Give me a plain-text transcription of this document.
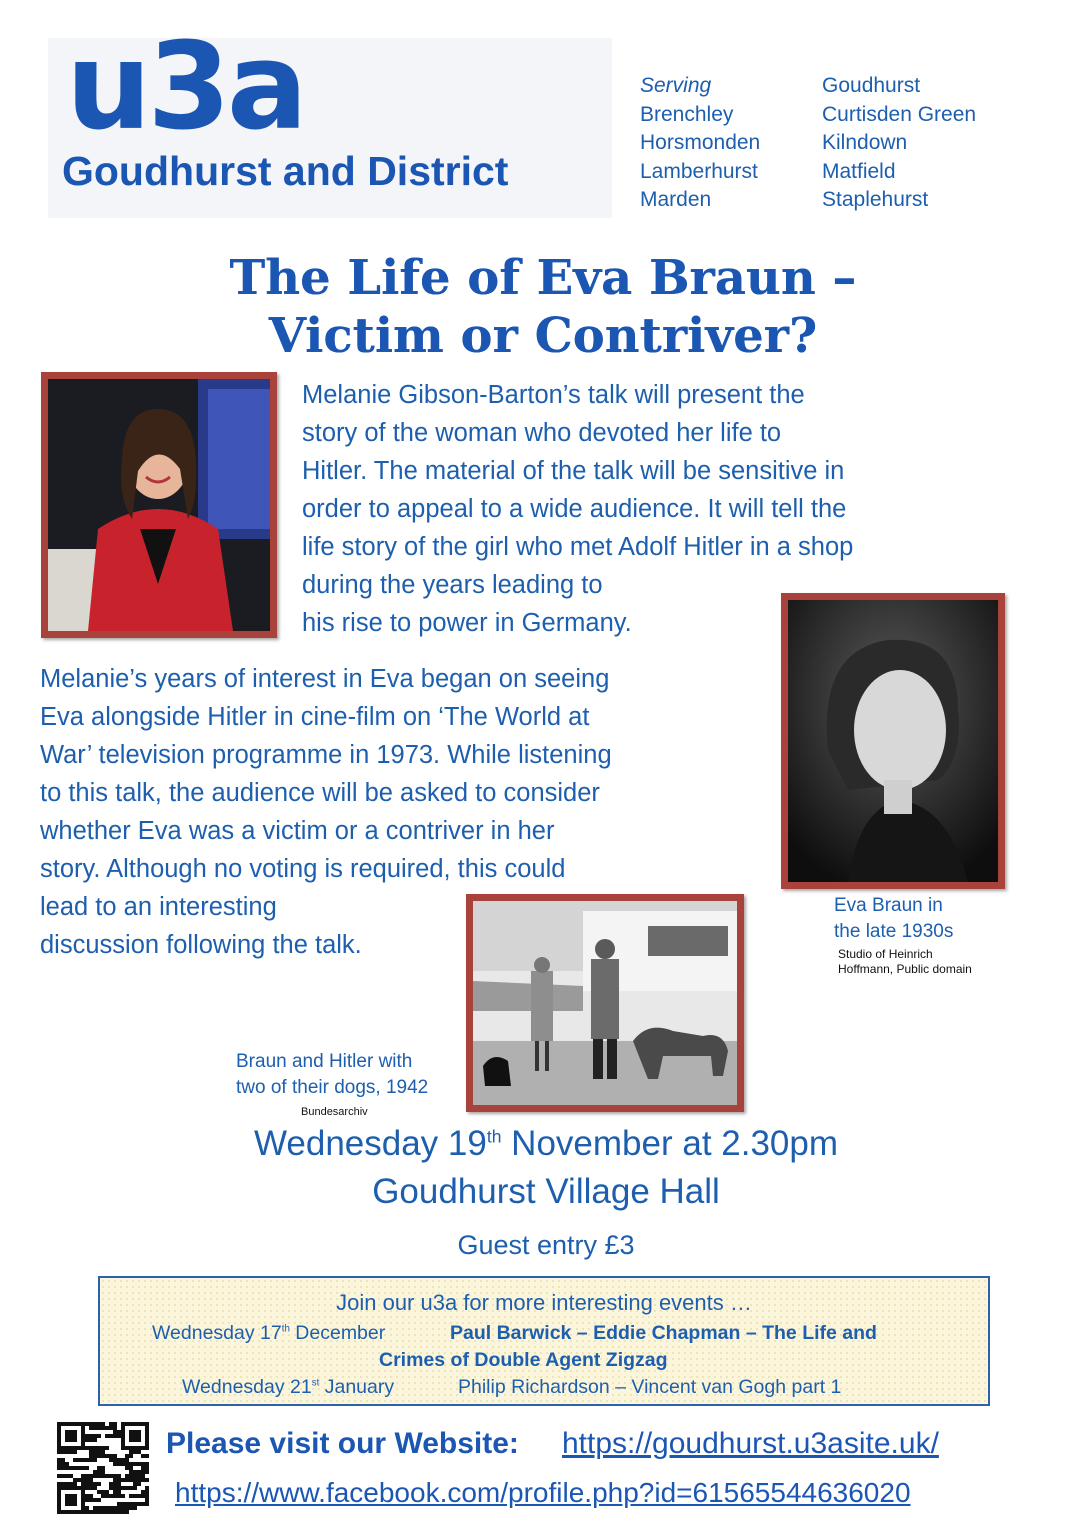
u3a
Goudhurst and District
Serving
Brenchley
Horsmonden
Lamberhurst
Marden
Goudhurst
Curtisden Green
Kilndown
Matfield
Staplehurst
The Life of Eva Braun –
Victim or Contriver?
Melanie Gibson-Barton’s talk will present the
story of the woman who devoted her life to
Hitler. The material of the talk will be sensitive in
order to appeal to a wide audience. It will tell the
life story of the girl who met Adolf Hitler in a shop
during the years leading to
his rise to power in Germany.
Melanie’s years of interest in Eva began on seeing
Eva alongside Hitler in cine-film on ‘The World at
War’ television programme in 1973. While listening
to this talk, the audience will be asked to consider
whether Eva was a victim or a contriver in her
story. Although no voting is required, this could
lead to an interesting
discussion following the talk.
Eva Braun in
the late 1930s
Studio of Heinrich
Hoffmann, Public domain
Braun and Hitler with
two of their dogs, 1942
Bundesarchiv
Wednesday 19th November at 2.30pm
Goudhurst Village Hall
Guest entry £3
Join our u3a for more interesting events …
Wednesday 17th December	Paul Barwick – Eddie Chapman – The Life and
Crimes of Double Agent Zigzag
Wednesday 21st January	Philip Richardson – Vincent van Gogh part 1
Please visit our Website: https://goudhurst.u3asite.uk/
https://www.facebook.com/profile.php?id=61565544636020
